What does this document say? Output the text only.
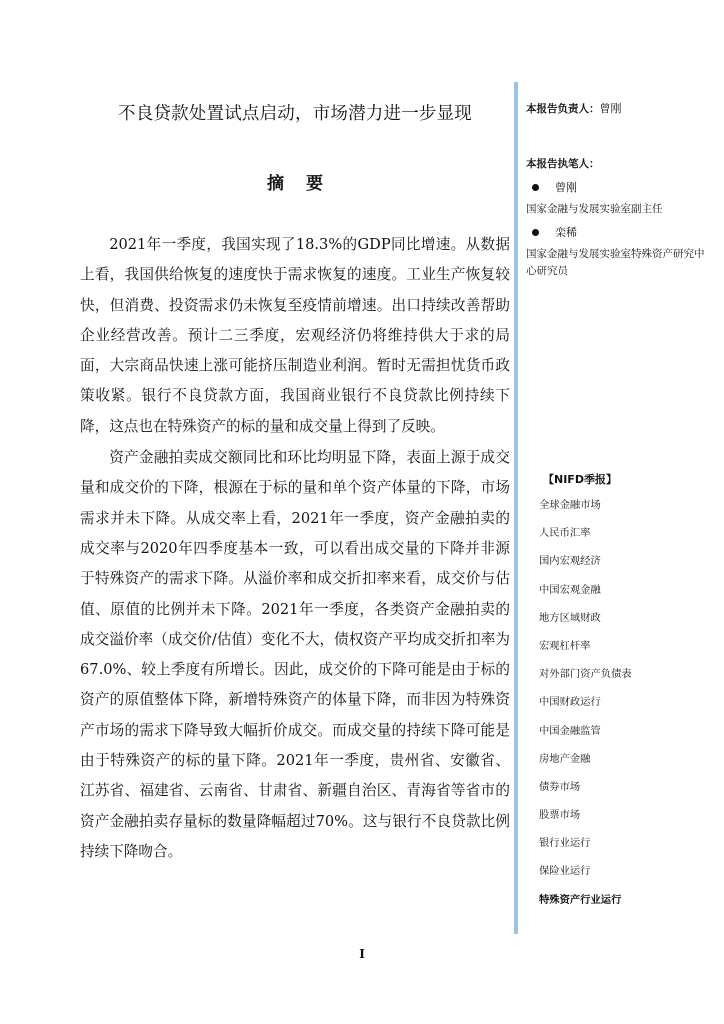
不良贷款处置试点启动，市场潜力进一步显现
摘要

2021年一季度，我国实现了18.3%的GDP同比增速。从数据上看，我国供给恢复的速度快于需求恢复的速度。工业生产恢复较快，但消费、投资需求仍未恢复至疫情前增速。出口持续改善帮助企业经营改善。预计二三季度，宏观经济仍将维持供大于求的局面，大宗商品快速上涨可能挤压制造业利润。暂时无需担忧货币政策收紧。银行不良贷款方面，我国商业银行不良贷款比例持续下降，这点也在特殊资产的标的量和成交量上得到了反映。

资产金融拍卖成交额同比和环比均明显下降，表面上源于成交量和成交价的下降，根源在于标的量和单个资产体量的下降，市场需求并未下降。从成交率上看，2021年一季度，资产金融拍卖的成交率与2020年四季度基本一致，可以看出成交量的下降并非源于特殊资产的需求下降。从溢价率和成交折扣率来看，成交价与估值、原值的比例并未下降。2021年一季度，各类资产金融拍卖的成交溢价率（成交价/估值）变化不大，债权资产平均成交折扣率为67.0%、较上季度有所增长。因此，成交价的下降可能是由于标的资产的原值整体下降，新增特殊资产的体量下降，而非因为特殊资产市场的需求下降导致大幅折价成交。而成交量的持续下降可能是由于特殊资产的标的量下降。2021年一季度，贵州省、安徽省、江苏省、福建省、云南省、甘肃省、新疆自治区、青海省等省市的资产金融拍卖存量标的数量降幅超过70%。这与银行不良贷款比例持续下降吻合。

本报告负责人：曾刚
本报告执笔人：
曾刚
国家金融与发展实验室副主任
栾稀
国家金融与发展实验室特殊资产研究中心研究员
【NIFD季报】
全球金融市场
人民币汇率
国内宏观经济
中国宏观金融
地方区域财政
宏观杠杆率
对外部门资产负债表
中国财政运行
中国金融监管
房地产金融
债券市场
股票市场
银行业运行
保险业运行
特殊资产行业运行
I
